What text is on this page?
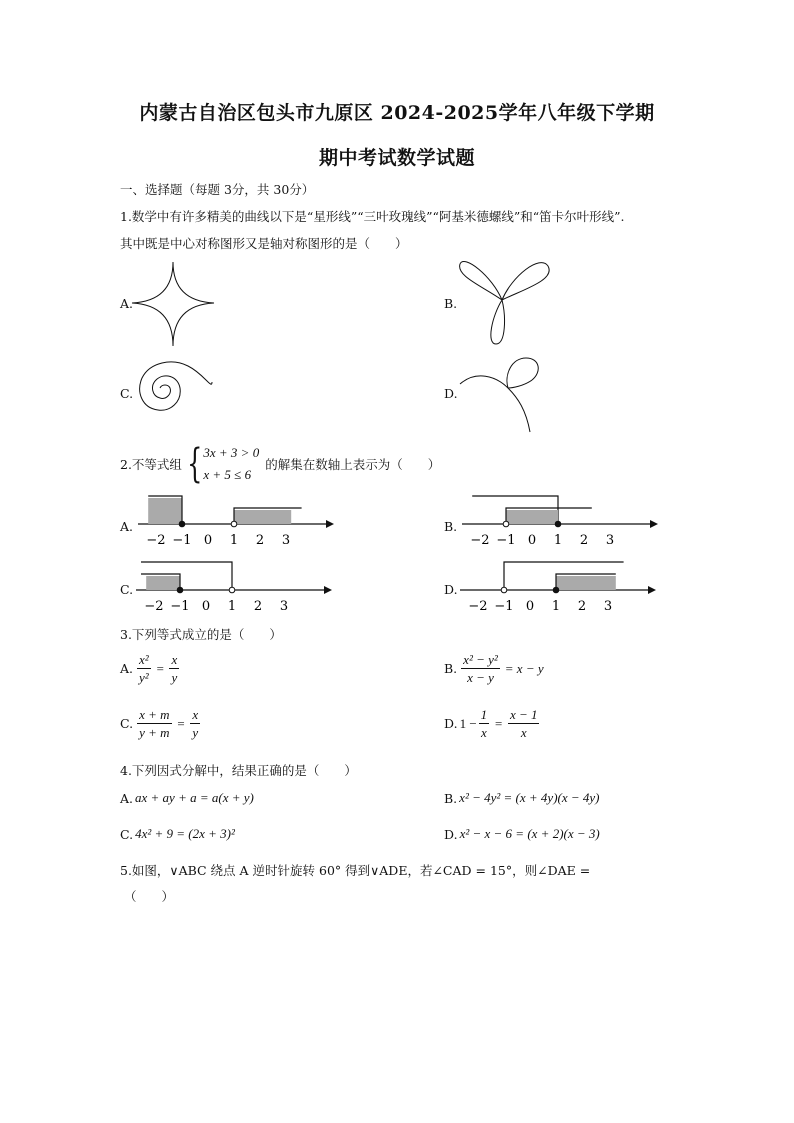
内蒙古自治区包头市九原区 2024-2025学年八年级下学期
期中考试数学试题
一、选择题（每题 3分，共 30分）
1.数学中有许多精美的曲线以下是“星形线”“三叶玫瑰线”“阿基米德螺线”和“笛卡尔叶形线”.
其中既是中心对称图形又是轴对称图形的是（　　）
A.	B.
C.	D.
2.不等式组 { 3x + 3 > 0
x + 5 ≤ 6
的解集在数轴上表示为（　　）
A.
−2 −1 0 1 2 3
B.
−2 −1 0 1 2 3
C.
−2 −1 0 1 2 3
D.
−2 −1 0 1 2 3
3.下列等式成立的是（　　）
A. $\frac{\text{x²}}{\text{y²}} = \frac{x}{y}$	B. $\frac{\text{x² − y²}}{x - y} = x - y$
C. $\frac{x + m}{y + m} = \frac{x}{y}$	D. $1 - \frac{1}{x} = \frac{x - 1}{x}$
4.下列因式分解中，结果正确的是（　　）
A. ax + ay + a = a(x + y)	B. x² − 4y² = (x + 4y)(x − 4y)
C. 4x² + 9 = (2x + 3)²	D. x² − x − 6 = (x + 2)(x − 3)
5.如图，∨ABC 绕点 A 逆时针旋转 60° 得到∨ADE，若∠CAD = 15°，则∠DAE =
（　　）
